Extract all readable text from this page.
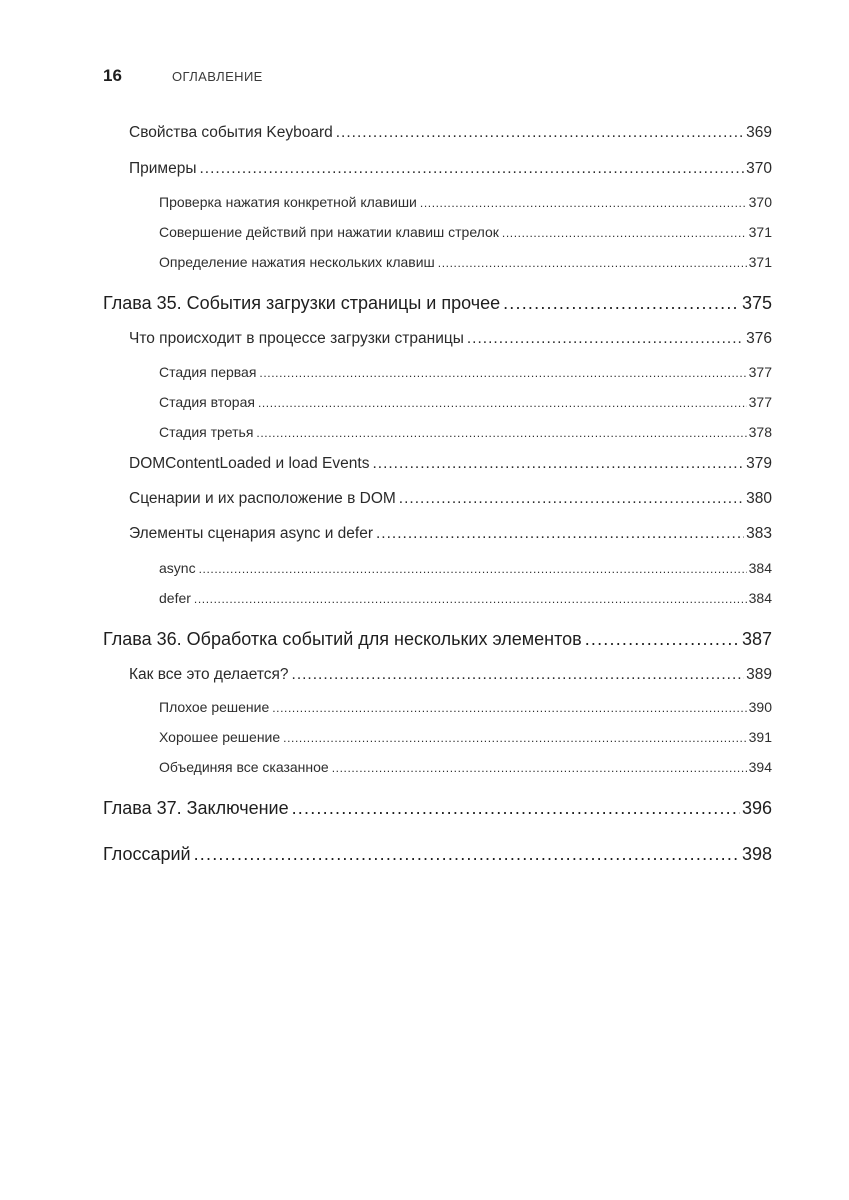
16	ОГЛАВЛЕНИЕ
Свойства события Keyboard .....	369
Примеры .....	370
Проверка нажатия конкретной клавиши .....	370
Совершение действий при нажатии клавиш стрелок .....	371
Определение нажатия нескольких клавиш .....	371
Глава 35. События загрузки страницы и прочее .....	375
Что происходит в процессе загрузки страницы .....	376
Стадия первая .....	377
Стадия вторая .....	377
Стадия третья .....	378
DOMContentLoaded и load Events .....	379
Сценарии и их расположение в DOM .....	380
Элементы сценария async и defer .....	383
async .....	384
defer .....	384
Глава 36. Обработка событий для нескольких элементов .....	387
Как все это делается? .....	389
Плохое решение .....	390
Хорошее решение .....	391
Объединяя все сказанное .....	394
Глава 37. Заключение .....	396
Глоссарий .....	398
